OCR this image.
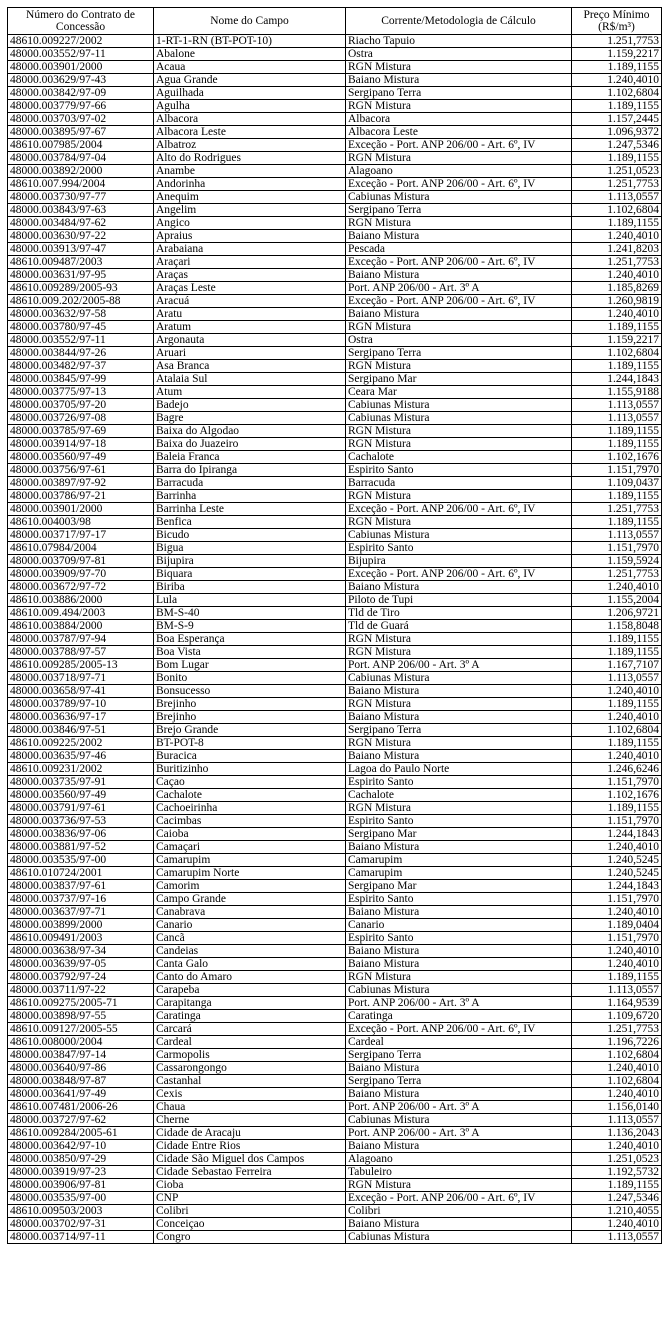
Número do Contrato de Concessão	Nome do Campo	Corrente/Metodologia de Cálculo	Preço Mínimo
(R$/m³)
48610.009227/2002	1-RT-1-RN (BT-POT-10)	Riacho Tapuio	1.251,7753
48000.003552/97-11	Abalone	Ostra	1.159,2217
48000.003901/2000	Acaua	RGN Mistura	1.189,1155
48000.003629/97-43	Agua Grande	Baiano Mistura	1.240,4010
48000.003842/97-09	Aguilhada	Sergipano Terra	1.102,6804
48000.003779/97-66	Agulha	RGN Mistura	1.189,1155
48000.003703/97-02	Albacora	Albacora	1.157,2445
48000.003895/97-67	Albacora Leste	Albacora Leste	1.096,9372
48610.007985/2004	Albatroz	Exceção - Port. ANP 206/00 - Art. 6º, IV	1.247,5346
48000.003784/97-04	Alto do Rodrigues	RGN Mistura	1.189,1155
48000.003892/2000	Anambe	Alagoano	1.251,0523
48610.007.994/2004	Andorinha	Exceção - Port. ANP 206/00 - Art. 6º, IV	1.251,7753
48000.003730/97-77	Anequim	Cabiunas Mistura	1.113,0557
48000.003843/97-63	Angelim	Sergipano Terra	1.102,6804
48000.003484/97-62	Angico	RGN Mistura	1.189,1155
48000.003630/97-22	Apraius	Baiano Mistura	1.240,4010
48000.003913/97-47	Arabaiana	Pescada	1.241,8203
48610.009487/2003	Araçari	Exceção - Port. ANP 206/00 - Art. 6º, IV	1.251,7753
48000.003631/97-95	Araças	Baiano Mistura	1.240,4010
48610.009289/2005-93	Araças Leste	Port. ANP 206/00 - Art. 3º A	1.185,8269
48610.009.202/2005-88	Aracuá	Exceção - Port. ANP 206/00 - Art. 6º, IV	1.260,9819
48000.003632/97-58	Aratu	Baiano Mistura	1.240,4010
48000.003780/97-45	Aratum	RGN Mistura	1.189,1155
48000.003552/97-11	Argonauta	Ostra	1.159,2217
48000.003844/97-26	Aruari	Sergipano Terra	1.102,6804
48000.003482/97-37	Asa Branca	RGN Mistura	1.189,1155
48000.003845/97-99	Atalaia Sul	Sergipano Mar	1.244,1843
48000.003775/97-13	Atum	Ceara Mar	1.155,9188
48000.003705/97-20	Badejo	Cabiunas Mistura	1.113,0557
48000.003726/97-08	Bagre	Cabiunas Mistura	1.113,0557
48000.003785/97-69	Baixa do Algodao	RGN Mistura	1.189,1155
48000.003914/97-18	Baixa do Juazeiro	RGN Mistura	1.189,1155
48000.003560/97-49	Baleia Franca	Cachalote	1.102,1676
48000.003756/97-61	Barra do Ipiranga	Espirito Santo	1.151,7970
48000.003897/97-92	Barracuda	Barracuda	1.109,0437
48000.003786/97-21	Barrinha	RGN Mistura	1.189,1155
48000.003901/2000	Barrinha Leste	Exceção - Port. ANP 206/00 - Art. 6º, IV	1.251,7753
48610.004003/98	Benfica	RGN Mistura	1.189,1155
48000.003717/97-17	Bicudo	Cabiunas Mistura	1.113,0557
48610.07984/2004	Bigua	Espirito Santo	1.151,7970
48000.003709/97-81	Bijupira	Bijupira	1.159,5924
48000.003909/97-70	Biquara	Exceção - Port. ANP 206/00 - Art. 6º, IV	1.251,7753
48000.003672/97-72	Biriba	Baiano Mistura	1.240,4010
48610.003886/2000	Lula	Piloto de Tupi	1.155,2004
48610.009.494/2003	BM-S-40	Tld de Tiro	1.206,9721
48610.003884/2000	BM-S-9	Tld de Guará	1.158,8048
48000.003787/97-94	Boa Esperança	RGN Mistura	1.189,1155
48000.003788/97-57	Boa Vista	RGN Mistura	1.189,1155
48610.009285/2005-13	Bom Lugar	Port. ANP 206/00 - Art. 3º A	1.167,7107
48000.003718/97-71	Bonito	Cabiunas Mistura	1.113,0557
48000.003658/97-41	Bonsucesso	Baiano Mistura	1.240,4010
48000.003789/97-10	Brejinho	RGN Mistura	1.189,1155
48000.003636/97-17	Brejinho	Baiano Mistura	1.240,4010
48000.003846/97-51	Brejo Grande	Sergipano Terra	1.102,6804
48610.009225/2002	BT-POT-8	RGN Mistura	1.189,1155
48000.003635/97-46	Buracica	Baiano Mistura	1.240,4010
48610.009231/2002	Buritizinho	Lagoa do Paulo Norte	1.246,6246
48000.003735/97-91	Caçao	Espirito Santo	1.151,7970
48000.003560/97-49	Cachalote	Cachalote	1.102,1676
48000.003791/97-61	Cachoeirinha	RGN Mistura	1.189,1155
48000.003736/97-53	Cacimbas	Espirito Santo	1.151,7970
48000.003836/97-06	Caioba	Sergipano Mar	1.244,1843
48000.003881/97-52	Camaçari	Baiano Mistura	1.240,4010
48000.003535/97-00	Camarupim	Camarupim	1.240,5245
48610.010724/2001	Camarupim Norte	Camarupim	1.240,5245
48000.003837/97-61	Camorim	Sergipano Mar	1.244,1843
48000.003737/97-16	Campo Grande	Espirito Santo	1.151,7970
48000.003637/97-71	Canabrava	Baiano Mistura	1.240,4010
48000.003899/2000	Canario	Canario	1.189,0404
48610.009491/2003	Cancã	Espirito Santo	1.151,7970
48000.003638/97-34	Candeias	Baiano Mistura	1.240,4010
48000.003639/97-05	Canta Galo	Baiano Mistura	1.240,4010
48000.003792/97-24	Canto do Amaro	RGN Mistura	1.189,1155
48000.003711/97-22	Carapeba	Cabiunas Mistura	1.113,0557
48610.009275/2005-71	Carapitanga	Port. ANP 206/00 - Art. 3º A	1.164,9539
48000.003898/97-55	Caratinga	Caratinga	1.109,6720
48610.009127/2005-55	Carcará	Exceção - Port. ANP 206/00 - Art. 6º, IV	1.251,7753
48610.008000/2004	Cardeal	Cardeal	1.196,7226
48000.003847/97-14	Carmopolis	Sergipano Terra	1.102,6804
48000.003640/97-86	Cassarongongo	Baiano Mistura	1.240,4010
48000.003848/97-87	Castanhal	Sergipano Terra	1.102,6804
48000.003641/97-49	Cexis	Baiano Mistura	1.240,4010
48610.007481/2006-26	Chaua	Port. ANP 206/00 - Art. 3º A	1.156,0140
48000.003727/97-62	Cherne	Cabiunas Mistura	1.113,0557
48610.009284/2005-61	Cidade de Aracaju	Port. ANP 206/00 - Art. 3º A	1.136,2043
48000.003642/97-10	Cidade Entre Rios	Baiano Mistura	1.240,4010
48000.003850/97-29	Cidade São Miguel dos Campos	Alagoano	1.251,0523
48000.003919/97-23	Cidade Sebastao Ferreira	Tabuleiro	1.192,5732
48000.003906/97-81	Cioba	RGN Mistura	1.189,1155
48000.003535/97-00	CNP	Exceção - Port. ANP 206/00 - Art. 6º, IV	1.247,5346
48610.009503/2003	Colibri	Colibri	1.210,4055
48000.003702/97-31	Conceiçao	Baiano Mistura	1.240,4010
48000.003714/97-11	Congro	Cabiunas Mistura	1.113,0557
